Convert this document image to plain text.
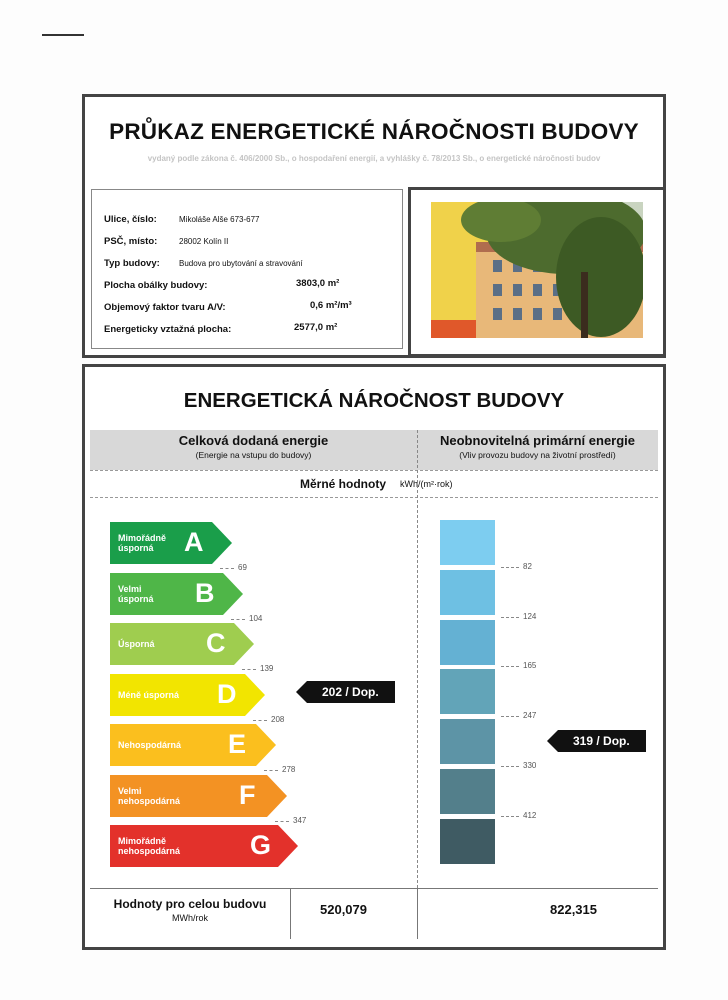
PRŮKAZ ENERGETICKÉ NÁROČNOSTI BUDOVY
vydaný podle zákona č. 406/2000 Sb., o hospodaření energií, a vyhlášky č. 78/2013 Sb., o energetické náročnosti budov
Ulice, číslo:	Mikoláše Alše 673-677
PSČ, místo:	28002 Kolín II
Typ budovy: Budova pro ubytování a stravování
Plocha obálky budovy:	3803,0 m²
Objemový faktor tvaru A/V:	0,6 m²/m³
Energeticky vztažná plocha:	2577,0 m²
ENERGETICKÁ NÁROČNOST BUDOVY
Celková dodaná energie
(Energie na vstupu do budovy)
Neobnovitelná primární energie
(Vliv provozu budovy na životní prostředí)
Měrné hodnoty kWh/(m²·rok)
Mimořádně
úsporná	A
Velmi
úsporná B
Úsporná C
Méně úsporná D
Nehospodárná E
Velmi
nehospodárná F
Mimořádně
nehospodárná	G
69
104
139
208
278
347
82
124
165
247
330
412
202 / Dop.
319 / Dop.
Hodnoty pro celou budovu
MWh/rok
520,079	822,315
